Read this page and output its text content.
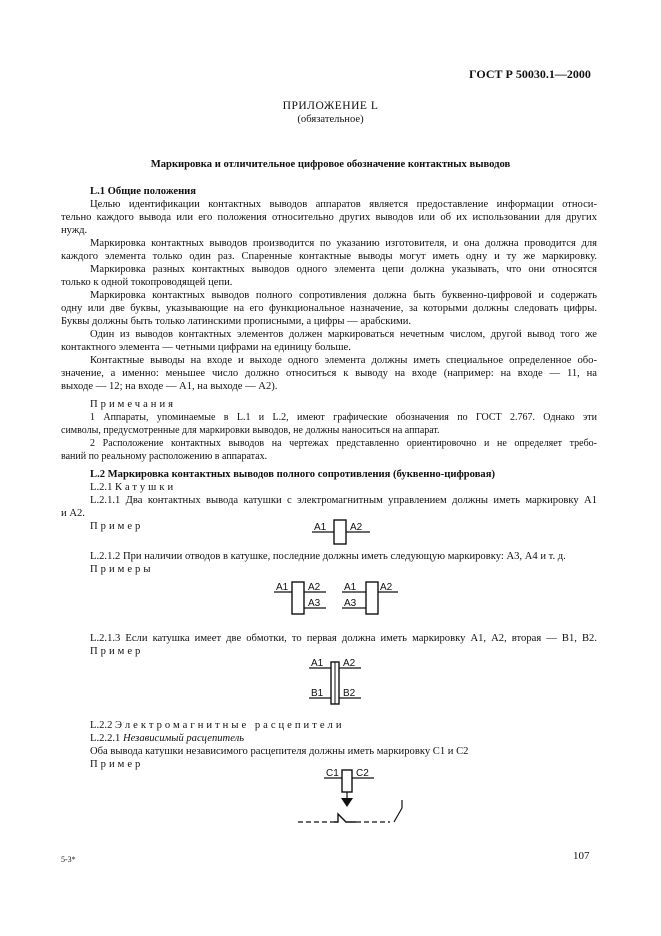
ГОСТ Р 50030.1—2000
ПРИЛОЖЕНИЕ L
(обязательное)
Маркировка и отличительное цифровое обозначение контактных выводов
L.1 Общие положения
Целью идентификации контактных выводов аппаратов является предоставление информации относи-
тельно каждого вывода или его положения относительно других выводов или об их использовании для других
нужд.
Маркировка контактных выводов производится по указанию изготовителя, и она должна проводится для
каждого элемента только один раз. Спаренные контактные выводы могут иметь одну и ту же маркировку.
Маркировка разных контактных выводов одного элемента цепи должна указывать, что они относятся
только к одной токопроводящей цепи.
Маркировка контактных выводов полного сопротивления должна быть буквенно-цифровой и содержать
одну или две буквы, указывающие на его функциональное назначение, за которыми должны следовать цифры.
Буквы должны быть только латинскими прописными, а цифры — арабскими.
Один из выводов контактных элементов должен маркироваться нечетным числом, другой вывод того же
контактного элемента — четными цифрами на единицу больше.
Контактные выводы на входе и выходе одного элемента должны иметь специальное определенное обо-
значение, а именно: меньшее число должно относиться к выводу на входе (например: на входе — 11, на
выходе — 12; на входе — A1, на выходе — A2).
Примечания
1 Аппараты, упоминаемые в L.1 и L.2, имеют графические обозначения по ГОСТ 2.767. Однако эти
символы, предусмотренные для маркировки выводов, не должны наноситься на аппарат.
2 Расположение контактных выводов на чертежах представленно ориентировочно и не определяет требо-
ваний по реальному расположению в аппаратах.
L.2 Маркировка контактных выводов полного сопротивления (буквенно-цифровая)
L.2.1 Катушки
L.2.1.1 Два контактных вывода катушки с электромагнитным управлением должны иметь маркировку А1
и А2.
Пример	A1 A2
L.2.1.2 При наличии отводов в катушке, последние должны иметь следующую маркировку: А3, А4 и т. д.
Примеры
A1 A2
A3
A1 A2
A3
L.2.1.3 Если катушка имеет две обмотки, то первая должна иметь маркировку А1, А2, вторая — В1, В2.
Пример
A1 A2
B1 B2
L.2.2 Электромагнитные расцепители
L.2.2.1 Независимый расцепитель
Оба вывода катушки независимого расцепителя должны иметь маркировку С1 и С2
Пример
C1 C2
5-3*	107
